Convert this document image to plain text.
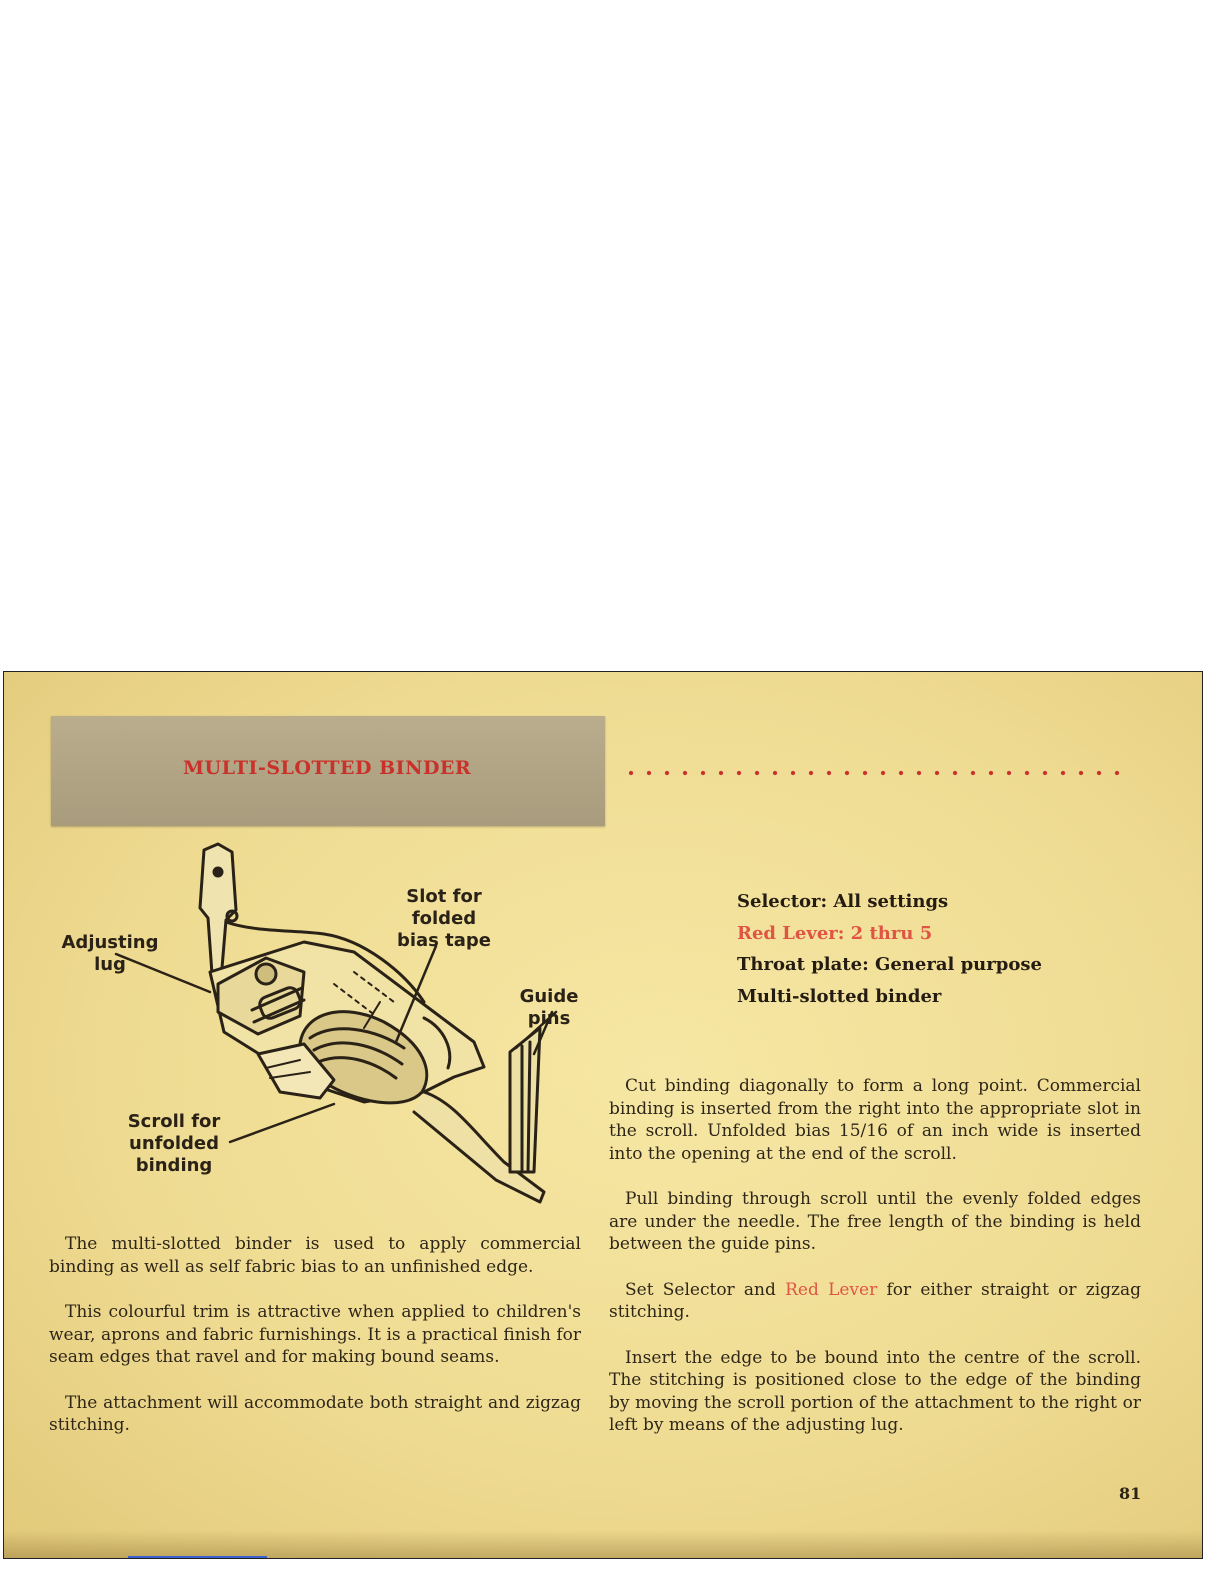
MULTI-SLOTTED BINDER
Adjusting
lug
Slot for
folded
bias tape
Guide
pins
Scroll for
unfolded
binding
Selector: All settings
Red Lever: 2 thru 5
Throat plate: General purpose
Multi-slotted binder

The multi-slotted binder is used to apply commercial binding as well as self fabric bias to an unfinished edge.

This colourful trim is attractive when applied to children's wear, aprons and fabric furnishings. It is a practical finish for seam edges that ravel and for making bound seams.

The attachment will accommodate both straight and zigzag stitching.

Cut binding diagonally to form a long point. Commercial binding is inserted from the right into the appropriate slot in the scroll. Unfolded bias 15/16 of an inch wide is inserted into the opening at the end of the scroll.

Pull binding through scroll until the evenly folded edges are under the needle. The free length of the binding is held between the guide pins.

Set Selector and Red Lever for either straight or zigzag stitching.

Insert the edge to be bound into the centre of the scroll. The stitching is positioned close to the edge of the binding by moving the scroll portion of the attachment to the right or left by means of the adjusting lug.

81
